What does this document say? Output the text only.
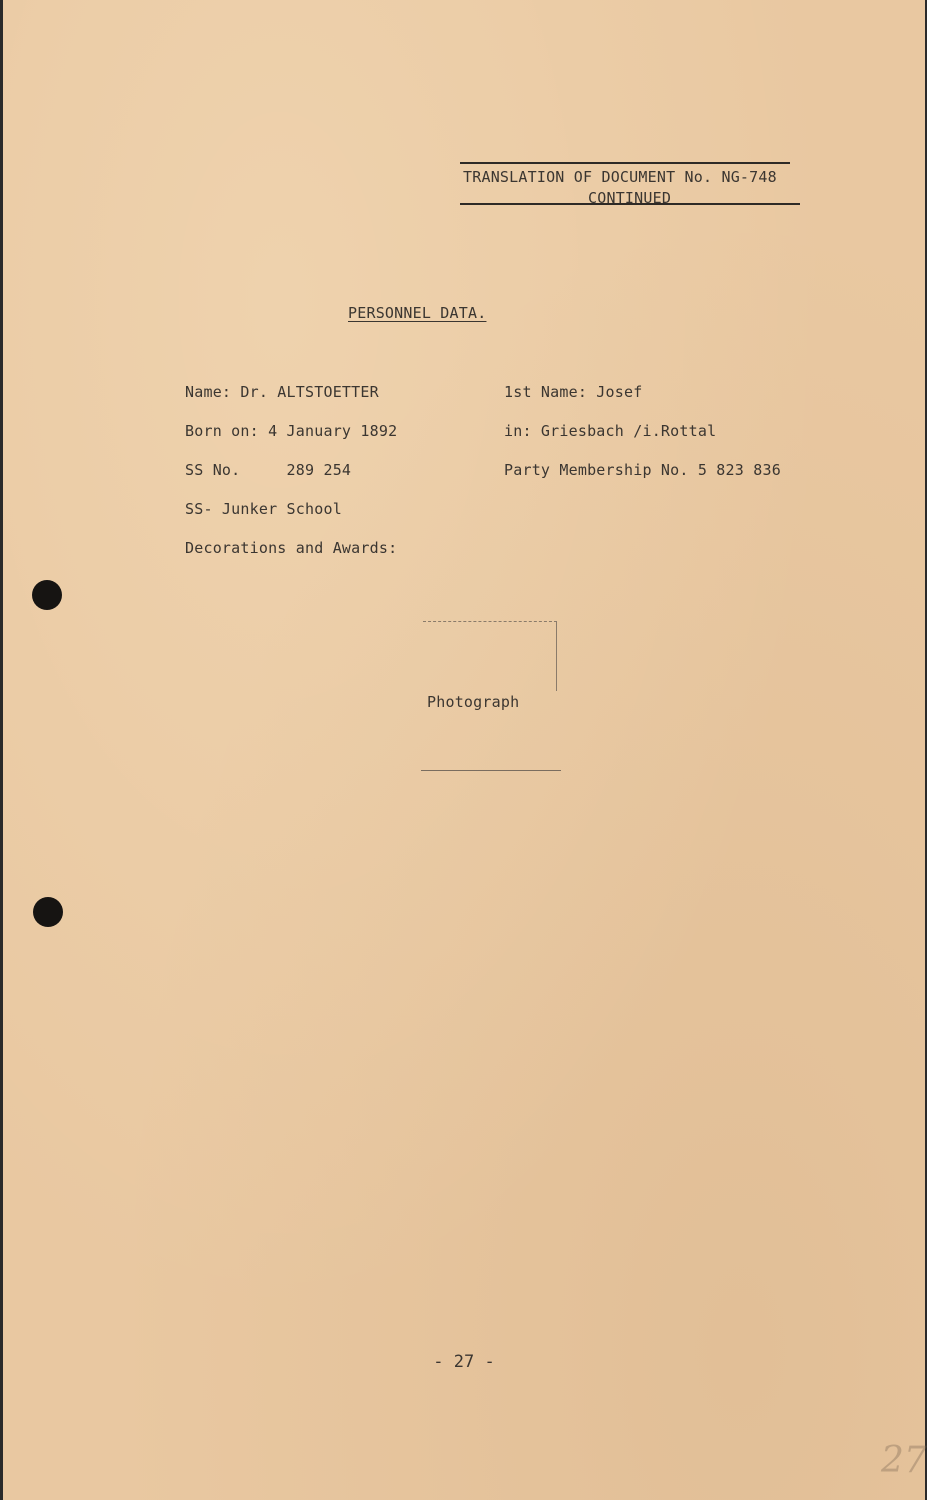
TRANSLATION OF DOCUMENT No. NG-748
CONTINUED
PERSONNEL DATA.
Name: Dr. ALTSTOETTER	1st Name: Josef
Born on: 4 January 1892	in: Griesbach /i.Rottal
SS No.     289 254	Party Membership No. 5 823 836
SS- Junker School
Decorations and Awards:
Photograph
- 27 -
27
